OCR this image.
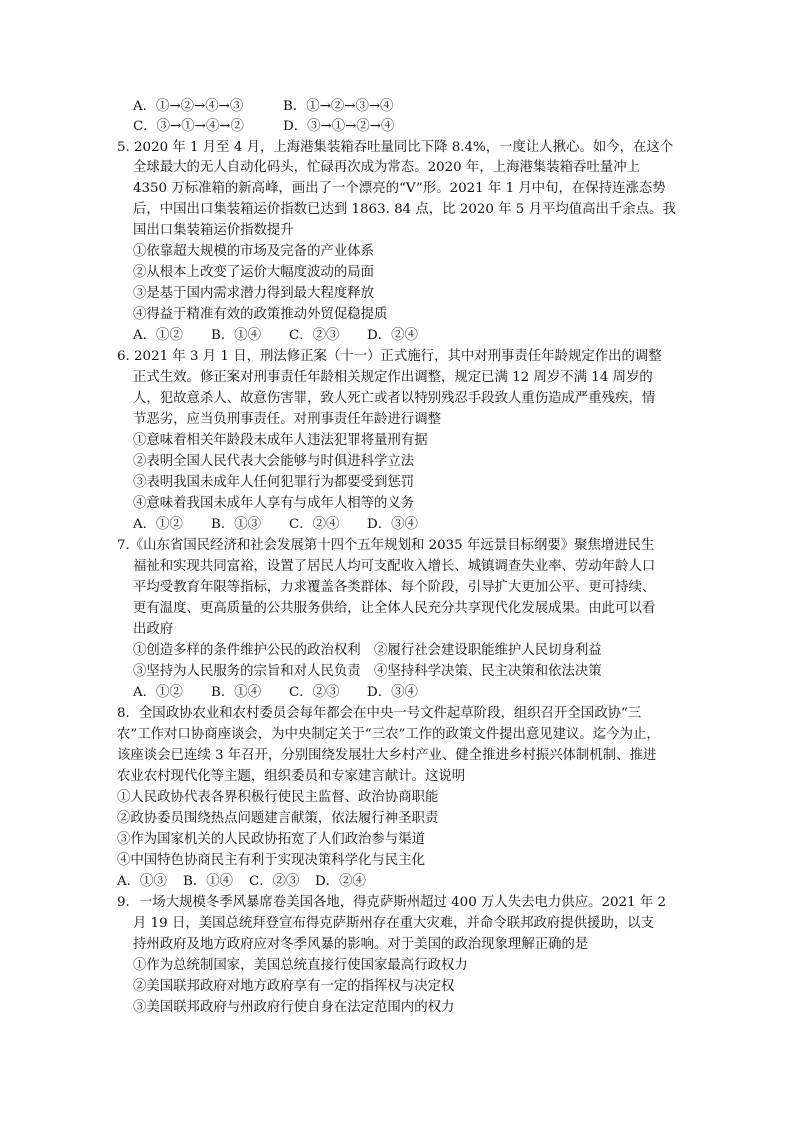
A．①→②→④→③	B．①→②→③→④
C．③→①→④→②	D．③→①→②→④
5. 2020 年 1 月至 4 月，上海港集装箱吞吐量同比下降 8.4%，一度让人揪心。如今，在这个
全球最大的无人自动化码头，忙碌再次成为常态。2020 年，上海港集装箱吞吐量冲上
4350 万标准箱的新高峰，画出了一个漂亮的“V”形。2021 年 1 月中旬，在保持连涨态势
后，中国出口集装箱运价指数已达到 1863. 84 点，比 2020 年 5 月平均值高出千余点。我
国出口集装箱运价指数提升
①依靠超大规模的市场及完备的产业体系
②从根本上改变了运价大幅度波动的局面
③是基于国内需求潜力得到最大程度释放
④得益于精准有效的政策推动外贸促稳提质
A．①② B．①④ C．②③ D．②④
6. 2021 年 3 月 1 日，刑法修正案（十一）正式施行，其中对刑事责任年龄规定作出的调整
正式生效。修正案对刑事责任年龄相关规定作出调整，规定已满 12 周岁不满 14 周岁的
人，犯故意杀人、故意伤害罪，致人死亡或者以特别残忍手段致人重伤造成严重残疾，情
节恶劣，应当负刑事责任。对刑事责任年龄进行调整
①意味着相关年龄段未成年人违法犯罪将量刑有据
②表明全国人民代表大会能够与时俱进科学立法
③表明我国未成年人任何犯罪行为都要受到惩罚
④意味着我国未成年人享有与成年人相等的义务
A．①② B．①③ C．②④ D．③④
7.《山东省国民经济和社会发展第十四个五年规划和 2035 年远景目标纲要》聚焦增进民生
福祉和实现共同富裕，设置了居民人均可支配收入增长、城镇调查失业率、劳动年龄人口
平均受教育年限等指标，力求覆盖各类群体、每个阶段，引导扩大更加公平、更可持续、
更有温度、更高质量的公共服务供给，让全体人民充分共享现代化发展成果。由此可以看
出政府
①创造多样的条件维护公民的政治权利　②履行社会建设职能维护人民切身利益
③坚持为人民服务的宗旨和对人民负责　④坚持科学决策、民主决策和依法决策
A．①② B．①④ C．②③ D．③④
8．全国政协农业和农村委员会每年都会在中央一号文件起草阶段，组织召开全国政协“三
农”工作对口协商座谈会，为中央制定关于“三农”工作的政策文件提出意见建议。迄今为止，
该座谈会已连续 3 年召开，分别围绕发展壮大乡村产业、健全推进乡村振兴体制机制、推进
农业农村现代化等主题，组织委员和专家建言献计。这说明
①人民政协代表各界积极行使民主监督、政治协商职能
②政协委员围绕热点问题建言献策，依法履行神圣职责
③作为国家机关的人民政协拓宽了人们政治参与渠道
④中国特色协商民主有利于实现决策科学化与民主化
A．①③ B．①④ C．②③ D．②④
9．一场大规模冬季风暴席卷美国各地，得克萨斯州超过 400 万人失去电力供应。2021 年 2
月 19 日，美国总统拜登宣布得克萨斯州存在重大灾难，并命令联邦政府提供援助，以支
持州政府及地方政府应对冬季风暴的影响。对于美国的政治现象理解正确的是
①作为总统制国家，美国总统直接行使国家最高行政权力
②美国联邦政府对地方政府享有一定的指挥权与决定权
③美国联邦政府与州政府行使自身在法定范围内的权力
